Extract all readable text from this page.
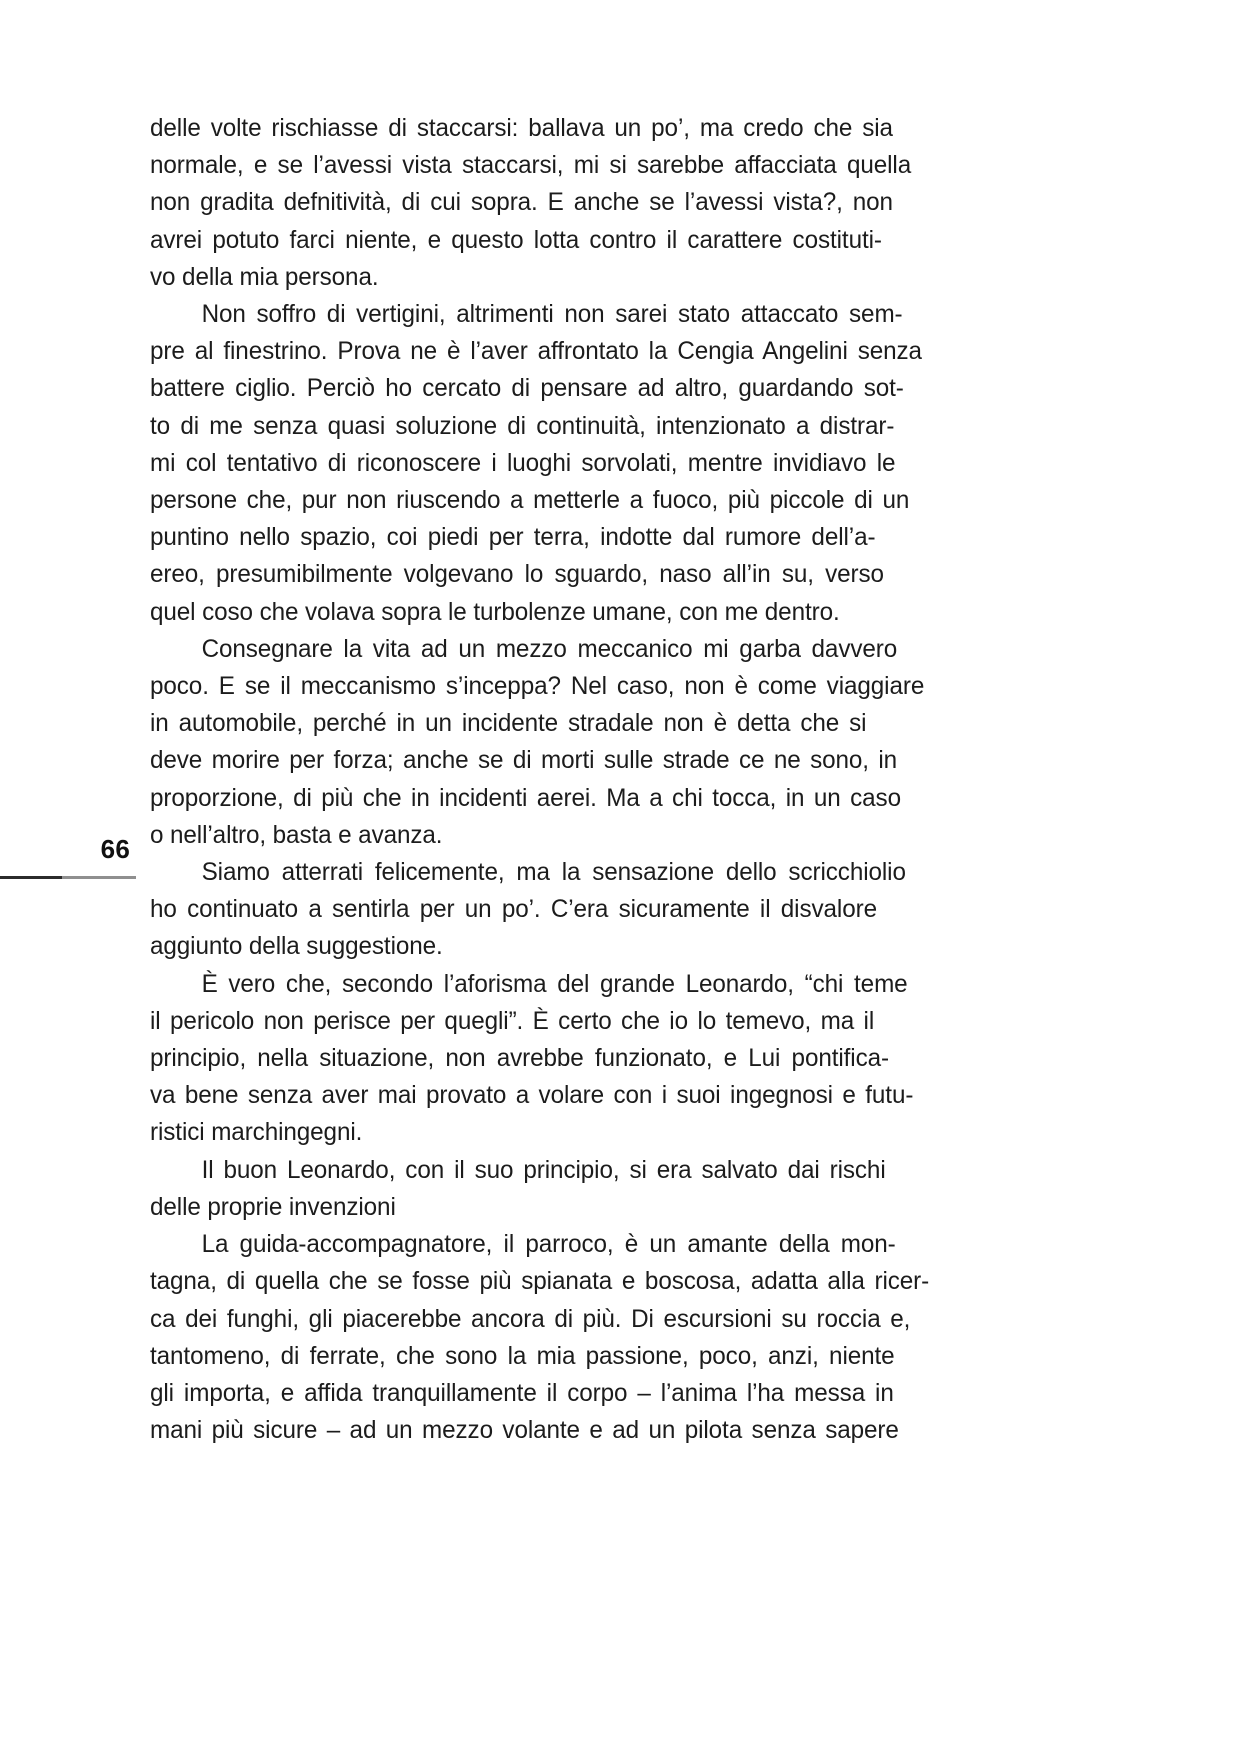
66
delle volte rischiasse di staccarsi: ballava un po’, ma credo che sia
normale, e se l’avessi vista staccarsi, mi si sarebbe affacciata quella
non gradita defnitività, di cui sopra. E anche se l’avessi vista?, non
avrei potuto farci niente, e questo lotta contro il carattere costituti-
vo della mia persona.
Non soffro di vertigini, altrimenti non sarei stato attaccato sem-
pre al finestrino. Prova ne è l’aver affrontato la Cengia Angelini senza
battere ciglio. Perciò ho cercato di pensare ad altro, guardando sot-
to di me senza quasi soluzione di continuità, intenzionato a distrar-
mi col tentativo di riconoscere i luoghi sorvolati, mentre invidiavo le
persone che, pur non riuscendo a metterle a fuoco, più piccole di un
puntino nello spazio, coi piedi per terra, indotte dal rumore dell’a-
ereo, presumibilmente volgevano lo sguardo, naso all’in su, verso
quel coso che volava sopra le turbolenze umane, con me dentro.
Consegnare la vita ad un mezzo meccanico mi garba davvero
poco. E se il meccanismo s’inceppa? Nel caso, non è come viaggiare
in automobile, perché in un incidente stradale non è detta che si
deve morire per forza; anche se di morti sulle strade ce ne sono, in
proporzione, di più che in incidenti aerei. Ma a chi tocca, in un caso
o nell’altro, basta e avanza.
Siamo atterrati felicemente, ma la sensazione dello scricchiolio
ho continuato a sentirla per un po’. C’era sicuramente il disvalore
aggiunto della suggestione.
È vero che, secondo l’aforisma del grande Leonardo, “chi teme
il pericolo non perisce per quegli”. È certo che io lo temevo, ma il
principio, nella situazione, non avrebbe funzionato, e Lui pontifica-
va bene senza aver mai provato a volare con i suoi ingegnosi e futu-
ristici marchingegni.
Il buon Leonardo, con il suo principio, si era salvato dai rischi
delle proprie invenzioni
La guida-accompagnatore, il parroco, è un amante della mon-
tagna, di quella che se fosse più spianata e boscosa, adatta alla ricer-
ca dei funghi, gli piacerebbe ancora di più. Di escursioni su roccia e,
tantomeno, di ferrate, che sono la mia passione, poco, anzi, niente
gli importa, e affida tranquillamente il corpo – l’anima l’ha messa in
mani più sicure – ad un mezzo volante e ad un pilota senza sapere
